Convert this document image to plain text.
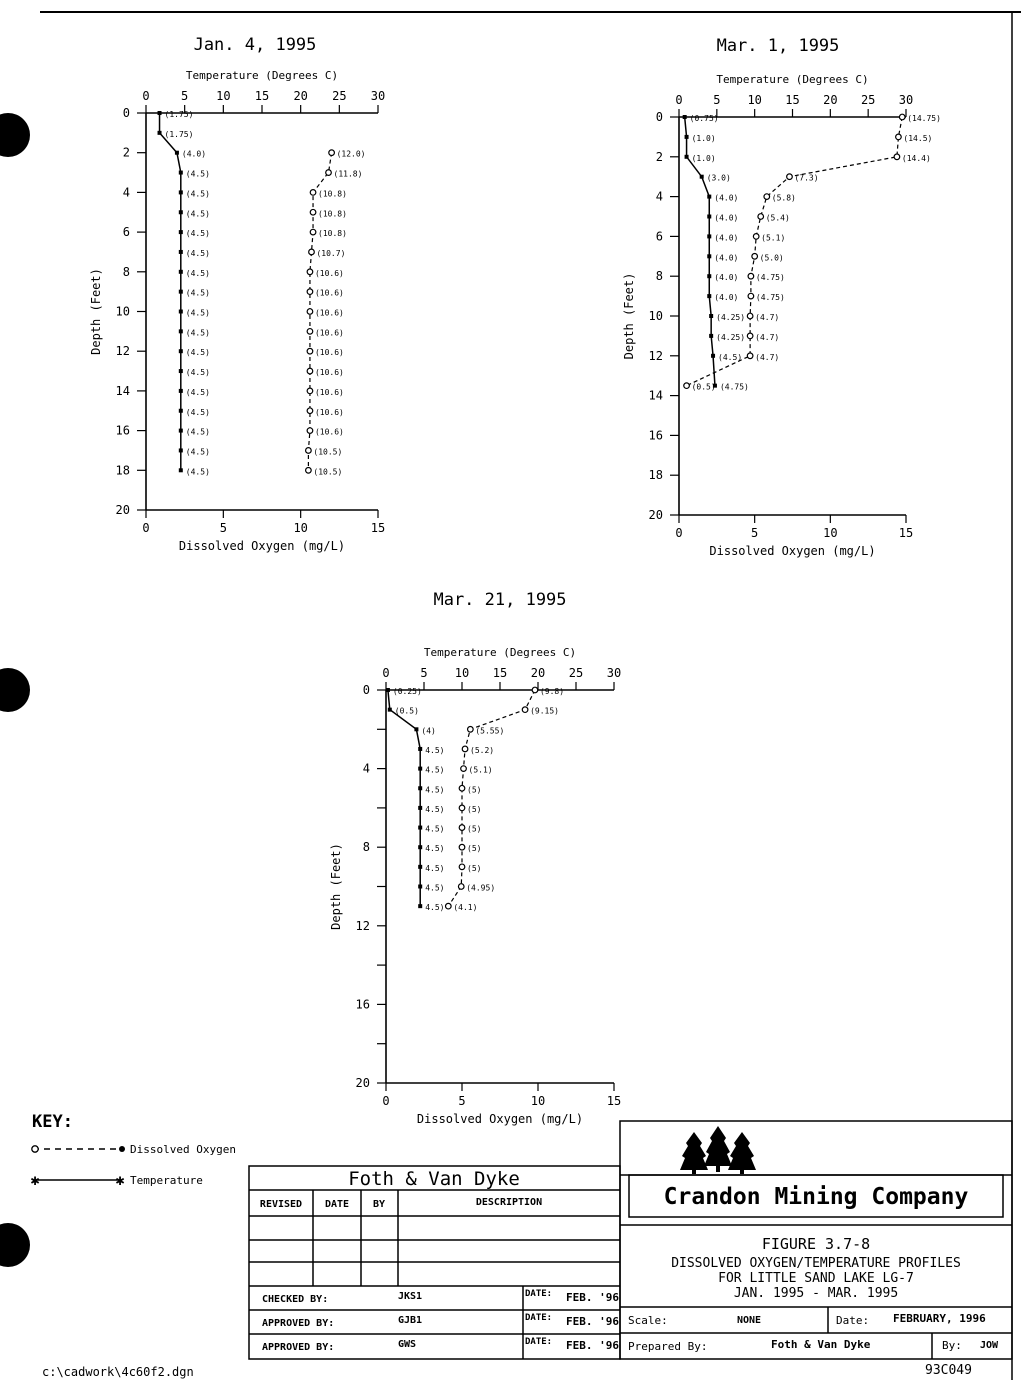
Jan. 4, 1995
Temperature (Degrees C)
0	5 10 15 20 25 30
0
2
4
6
8
10
12
14
16
18
20
Depth (Feet)
0	5	10	15
Dissolved Oxygen (mg/L)
(1.75)
(1.75)
(4.0)
(4.5)
(4.5)
(4.5)
(4.5)
(4.5)
(4.5)
(4.5)
(4.5)
(4.5)
(4.5)
(4.5)
(4.5)
(4.5)
(4.5)
(4.5)
(4.5)
(12.0)
(11.8)
(10.8)
(10.8)
(10.8)
(10.7)
(10.6)
(10.6)
(10.6)
(10.6)
(10.6)
(10.6)
(10.6)
(10.6)
(10.6)
(10.5)
(10.5)
Mar. 1, 1995
Temperature (Degrees C)
0	5 10 15 20 25 30
0
2
4
6
8
10
12
14
16
18
20
Depth (Feet)
0	5	10	15
Dissolved Oxygen (mg/L)
(0.75)
(1.0)
(1.0)
(3.0)
(4.0)
(4.0)
(4.0)
(4.0)
(4.0)
(4.0)
(4.25)
(4.25)
(4.5)
(4.75)
(14.75)
(14.5)
(14.4)
(7.3)
(5.8)
(5.4)
(5.1)
(5.0)
(4.75)
(4.75)
(4.7)
(4.7)
(4.7)
(0.5)
Mar. 21, 1995
Temperature (Degrees C)
0	5 10 15 20 25 30
0
4
8
12
16
20
Depth (Feet)
0	5	10	15
Dissolved Oxygen (mg/L)
(0.25)
(0.5)
(4)
4.5)
4.5)
4.5)
4.5)
4.5)
4.5)
4.5)
4.5)
4.5)
(9.8)
(9.15)
(5.55)
(5.2)
(5.1)
(5)
(5)
(5)
(5)
(5)
(4.95)
(4.1)
KEY:
Dissolved Oxygen
✱	✱ Temperature	Foth & Van Dyke
REVISED DATE BY	DESCRIPTION
CHECKED BY:	JKS1	DATE: FEB. '96
APPROVED BY:	GJB1	DATE: FEB. '96
APPROVED BY:	GWS	DATE: FEB. '96
Crandon Mining Company
FIGURE 3.7-8
DISSOLVED OXYGEN/TEMPERATURE PROFILES
FOR LITTLE SAND LAKE LG-7
JAN. 1995 - MAR. 1995
Scale:	NONE	Date: FEBRUARY, 1996
Prepared By:	Foth & Van Dyke	By: JOW
93C049
c:\cadwork\4c60f2.dgn
